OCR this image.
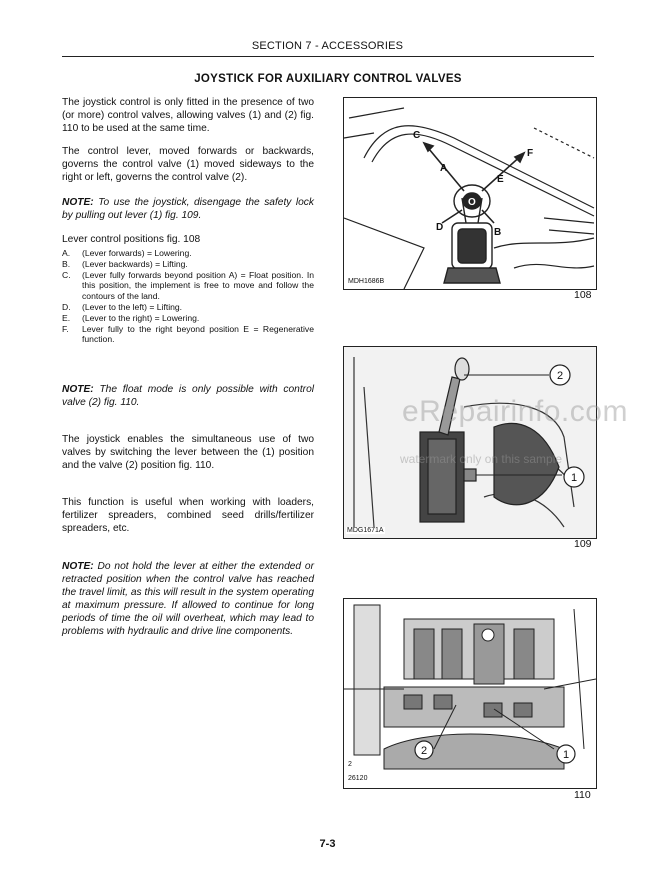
SECTION 7 - ACCESSORIES
JOYSTICK FOR AUXILIARY CONTROL VALVES
The joystick control is only fitted in the presence of two (or more) control valves, allowing valves (1) and (2) fig. 110 to be used at the same time.
The control lever, moved forwards or backwards, governs the control valve (1) moved sideways to the right or left, governs the control valve (2).
NOTE: To use the joystick, disengage the safety lock by pulling out lever (1) fig. 109.
Lever control positions fig. 108
A.	(Lever forwards) = Lowering.
B.	(Lever backwards) = Lifting.
C.	(Lever fully forwards beyond position A) = Float position. In this position, the implement is free to move and follow the contours of the land.
D.	(Lever to the left) = Lifting.
E.	(Lever to the right) = Lowering.
F.	Lever fully to the right beyond position E = Regenerative function.
NOTE: The float mode is only possible with control valve (2) fig. 110.
The joystick enables the simultaneous use of two valves by switching the lever between the (1) position and the valve (2) position fig. 110.
This function is useful when working with loaders, fertilizer spreaders, combined seed drills/fertilizer spreaders, etc.
NOTE: Do not hold the lever at either the extended or retracted position when the control valve has reached the travel limit, as this will result in the system operating at maximum pressure. If allowed to continue for long periods of time the oil will overheat, which may lead to problems with hydraulic and drive line components.
C
A
O
D	B
E
F
MDH1686B
108
2
1
MDG1671A
109
2	1
2
26120
110
eRepairinfo.com
watermark only on this sample
7-3
